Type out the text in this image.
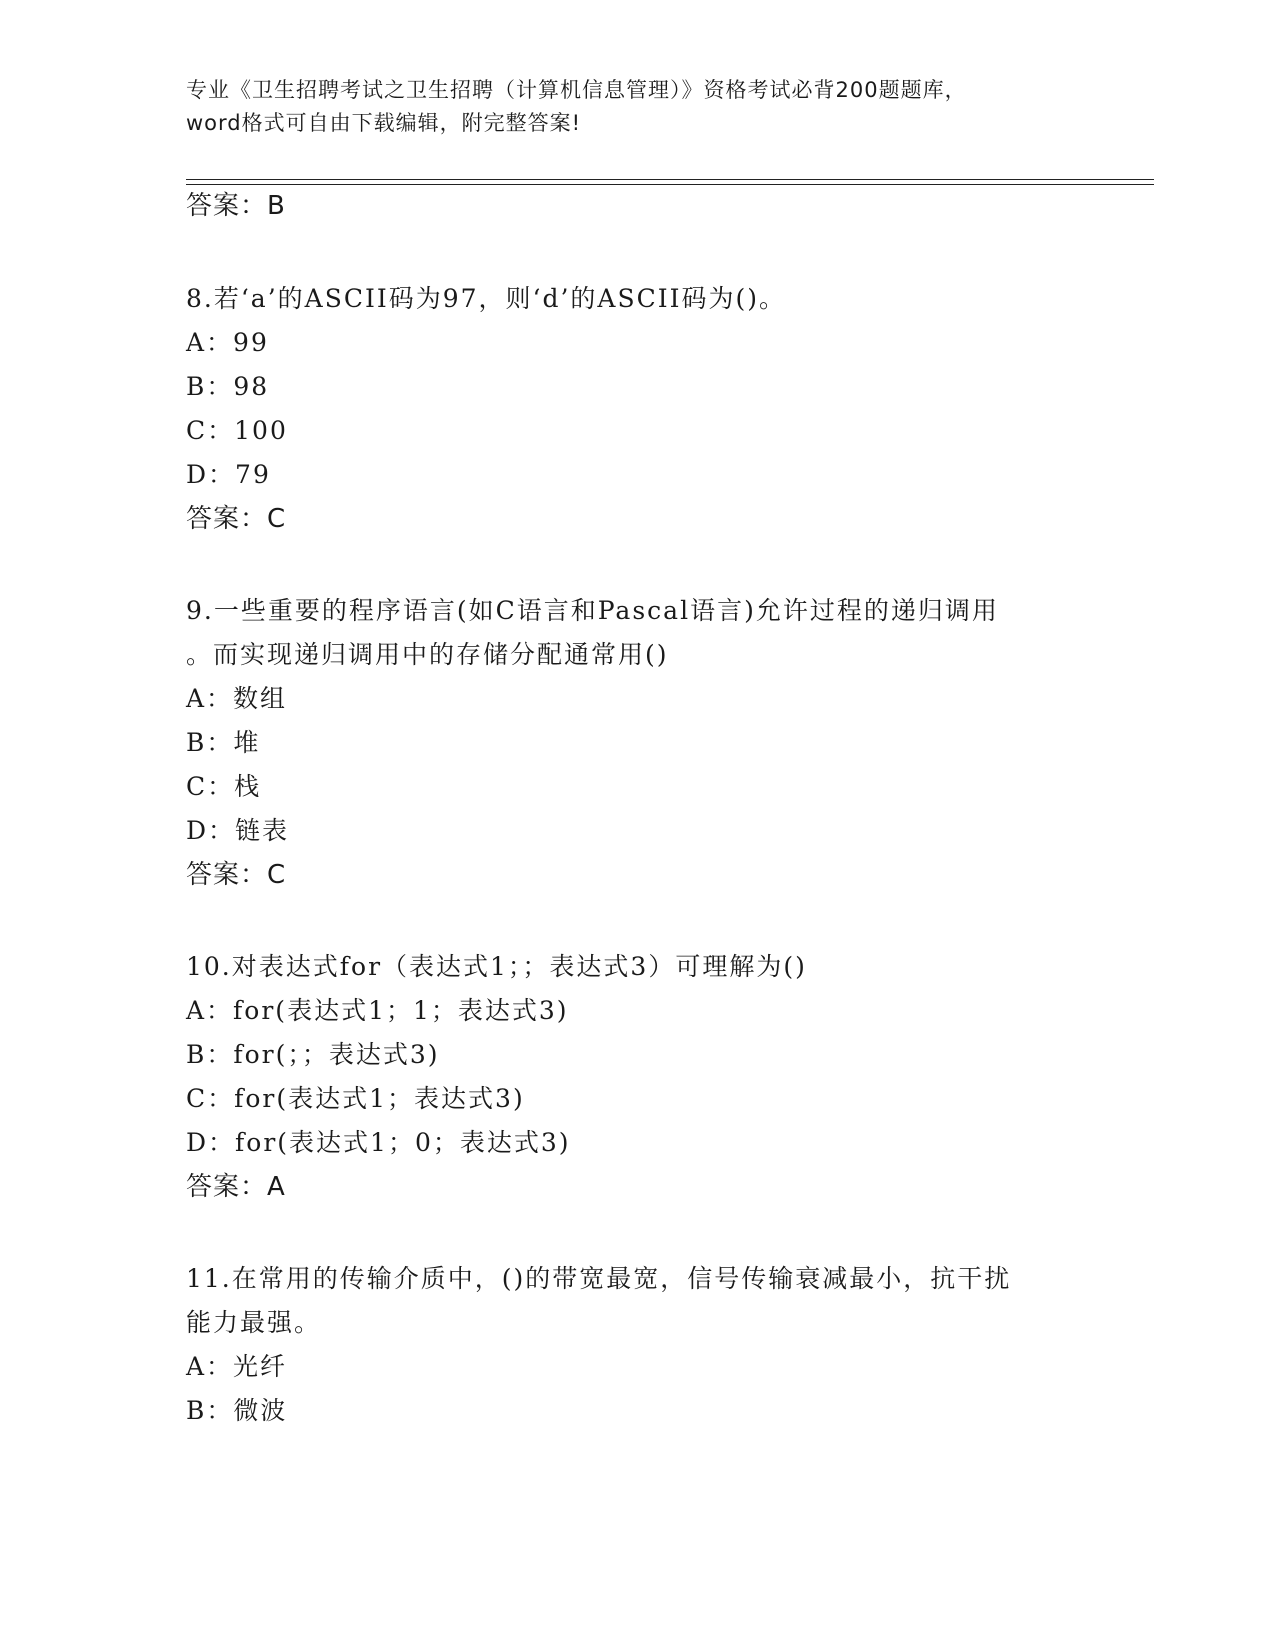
专业《卫生招聘考试之卫生招聘（计算机信息管理）》资格考试必背200题题库，
word格式可自由下载编辑，附完整答案!
答案：B
8.若‘a’的ASCII码为97，则‘d’的ASCII码为()。
A：99
B：98
C：100
D：79
答案：C
9.一些重要的程序语言(如C语言和Pascal语言)允许过程的递归调用
。而实现递归调用中的存储分配通常用()
A：数组
B：堆
C：栈
D：链表
答案：C
10.对表达式for（表达式1；；表达式3）可理解为()
A：for(表达式1；1；表达式3)
B：for(；；表达式3)
C：for(表达式1；表达式3)
D：for(表达式1；0；表达式3)
答案：A
11.在常用的传输介质中，()的带宽最宽，信号传输衰减最小，抗干扰
能力最强。
A：光纤
B：微波
